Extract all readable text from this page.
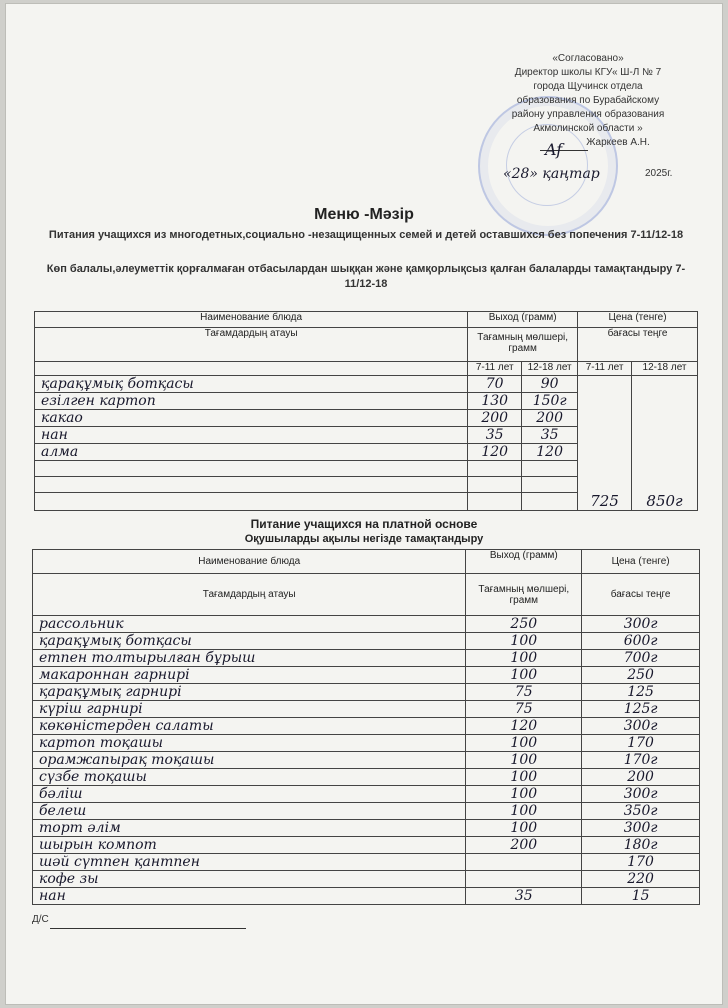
«Согласовано»
Директор школы КГУ« Ш-Л № 7
города Щучинск отдела
образования по Бурабайскому
району управления образования
Акмолинской области »
Жаркеев А.Н.
Af
«28» қаңтар	2025г.
Меню -Мәзір
Питания учащихся из многодетных,социально -незащищенных семей и детей оставшихся без попечения 7-11/12-18
Көп балалы,әлеуметтік қорғалмаған отбасылардан шыққан және қамқорлықсыз қалған балаларды тамақтандыру 7-11/12-18
Наименование блюда	Выход (грамм)		Цена (тенге)	
Тағамдардың атауы	Тағамның мөлшері, грамм		бағасы теңге	
	7-11 лет	12-18 лет	7-11 лет	12-18 лет
қарақұмық ботқасы	70	90	725	850г
езілген картоп	130	150г		
какао	200	200		
нан	35	35		
алма	120	120		

Питание учащихся на платной основе
Оқушыларды ақылы негізде тамақтандыру
Наименование блюда	Выход (грамм)	Цена (тенге)
Тағамдардың атауы	Тағамның мөлшері, грамм	бағасы теңге
рассольник	250	300г
қарақұмық ботқасы	100	600г
етпен толтырылған бұрыш	100	700г
макароннан гарнирі	100	250
қарақұмық гарнирі	75	125
күріш гарнирі	75	125г
көкөністерден салаты	120	300г
картоп тоқашы	100	170
орамжапырақ тоқашы	100	170г
сүзбе тоқашы	100	200
бәліш	100	300г
белеш	100	350г
торт әлім	100	300г
шырын компот	200	180г
шәй сүтпен қантпен		170
кофе зы		220
нан	35	15
Д/С
